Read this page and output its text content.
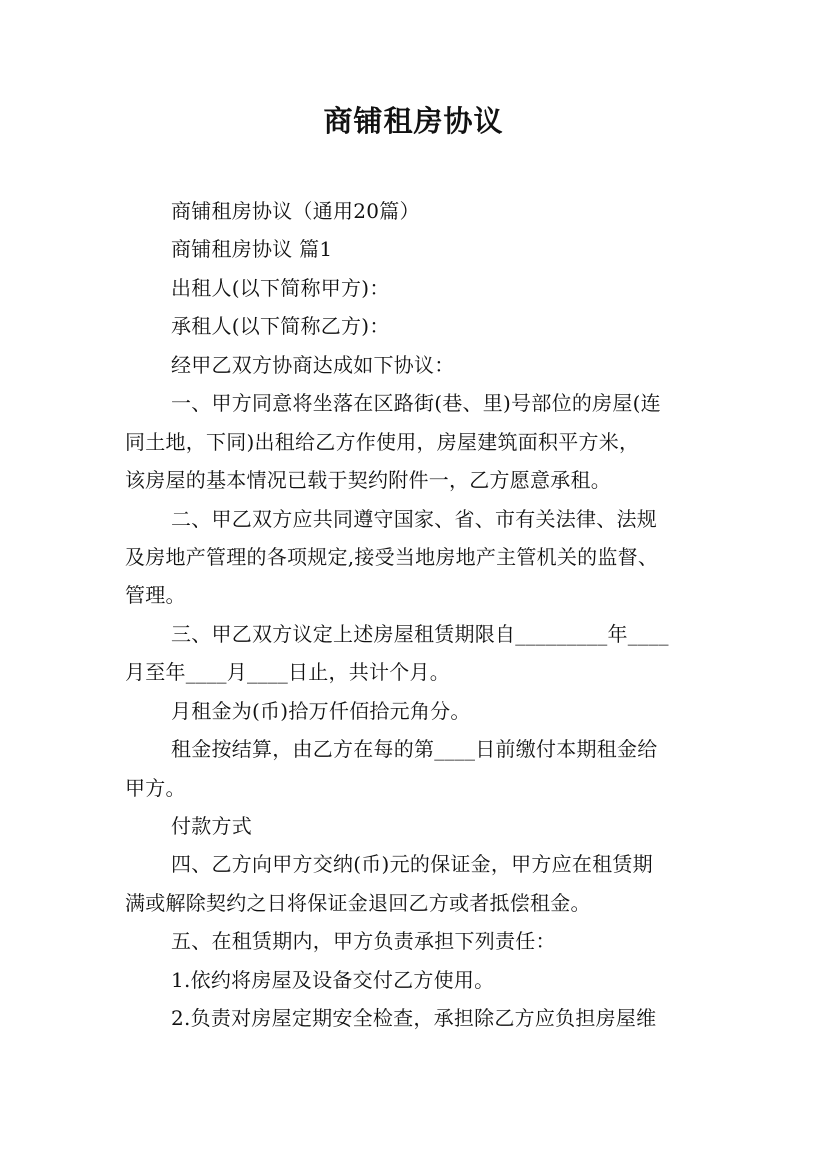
商铺租房协议
商铺租房协议（通用20篇）
商铺租房协议 篇1
出租人(以下简称甲方)：
承租人(以下简称乙方)：
经甲乙双方协商达成如下协议：
一、甲方同意将坐落在区路街(巷、里)号部位的房屋(连
同土地，下同)出租给乙方作使用，房屋建筑面积平方米，
该房屋的基本情况已载于契约附件一，乙方愿意承租。
二、甲乙双方应共同遵守国家、省、市有关法律、法规
及房地产管理的各项规定,接受当地房地产主管机关的监督、
管理。
三、甲乙双方议定上述房屋租赁期限自_________年____
月至年____月____日止，共计个月。
月租金为(币)拾万仟佰拾元角分。
租金按结算，由乙方在每的第____日前缴付本期租金给
甲方。
付款方式
四、乙方向甲方交纳(币)元的保证金，甲方应在租赁期
满或解除契约之日将保证金退回乙方或者抵偿租金。
五、在租赁期内，甲方负责承担下列责任：
1.依约将房屋及设备交付乙方使用。
2.负责对房屋定期安全检查，承担除乙方应负担房屋维
